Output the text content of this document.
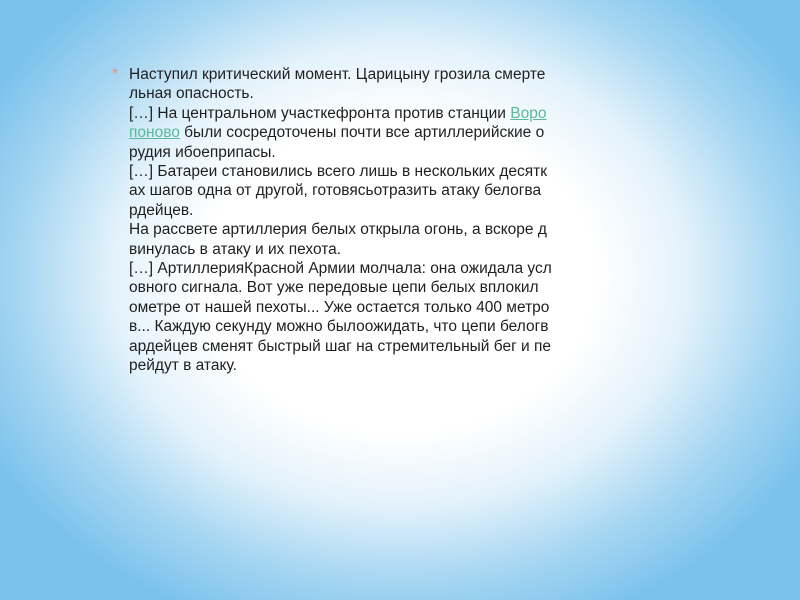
* Наступил критический момент. Царицыну грозила смерте
льная опасность.
[…] На центральном участкефронта против станции Воро
поново были сосредоточены почти все артиллерийские о
рудия ибоеприпасы.
[…] Батареи становились всего лишь в нескольких десятк
ах шагов одна от другой, готовясьотразить атаку белогва
рдейцев.
На рассвете артиллерия белых открыла огонь, а вскоре д
винулась в атаку и их пехота.
[…] АртиллерияКрасной Армии молчала: она ожидала усл
овного сигнала. Вот уже передовые цепи белых вплокил
ометре от нашей пехоты... Уже остается только 400 метро
в... Каждую секунду можно былоожидать, что цепи белогв
ардейцев сменят быстрый шаг на стремительный бег и пе
рейдут в атаку.
